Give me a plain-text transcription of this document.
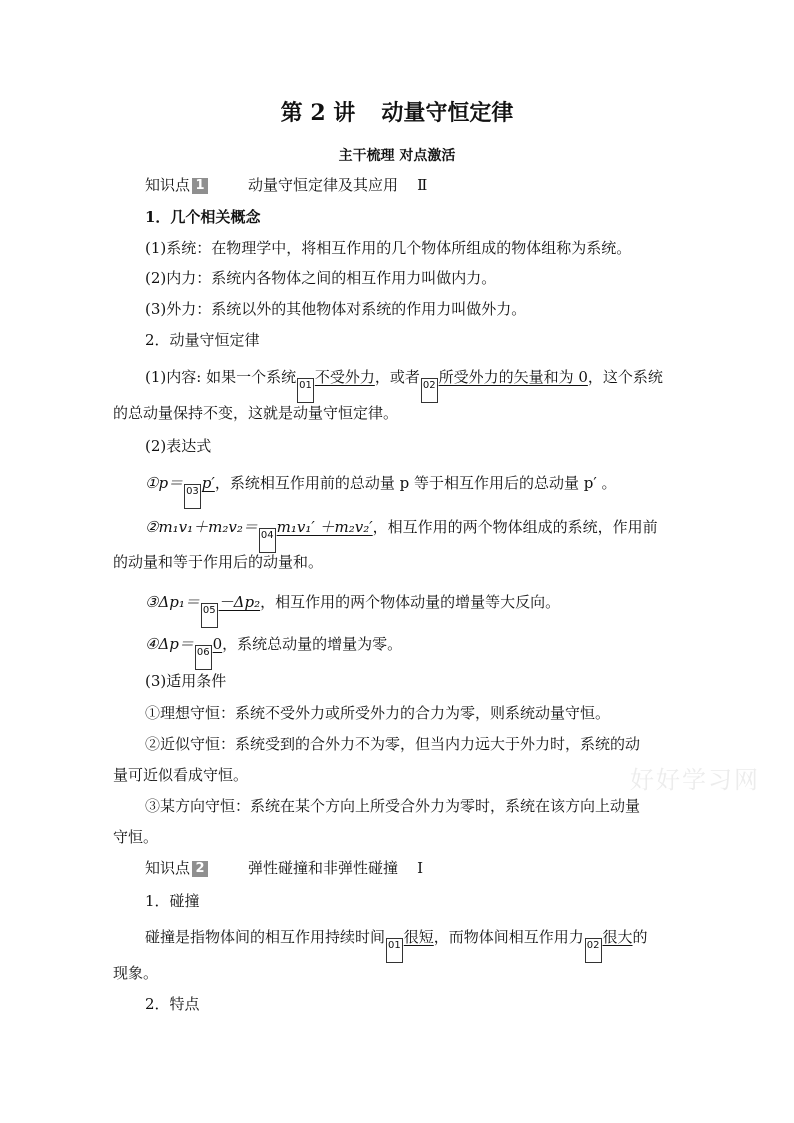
第 2 讲 动量守恒定律
主干梳理 对点激活
知识点 1	动量守恒定律及其应用 Ⅱ
1．几个相关概念
(1)系统：在物理学中，将相互作用的几个物体所组成的物体组称为系统。
(2)内力：系统内各物体之间的相互作用力叫做内力。
(3)外力：系统以外的其他物体对系统的作用力叫做外力。
2．动量守恒定律
(1)内容: 如果一个系统 01 不受外力，或者 02 所受外力的矢量和为 0，这个系统
的总动量保持不变，这就是动量守恒定律。
(2)表达式
①p＝ 03 p′，系统相互作用前的总动量 p 等于相互作用后的总动量 p′ 。
②m₁v₁＋m₂v₂＝ 04 m₁v₁′ ＋m₂v₂′，相互作用的两个物体组成的系统，作用前
的动量和等于作用后的动量和。
③Δp₁＝ 05 －Δp₂，相互作用的两个物体动量的增量等大反向。
④Δp＝ 06 0，系统总动量的增量为零。
(3)适用条件
①理想守恒：系统不受外力或所受外力的合力为零，则系统动量守恒。
②近似守恒：系统受到的合外力不为零，但当内力远大于外力时，系统的动
量可近似看成守恒。
③某方向守恒：系统在某个方向上所受合外力为零时，系统在该方向上动量
守恒。
知识点 2	弹性碰撞和非弹性碰撞 Ⅰ
1．碰撞
碰撞是指物体间的相互作用持续时间 01 很短，而物体间相互作用力 02 很大的
现象。
2．特点
好好学习网
